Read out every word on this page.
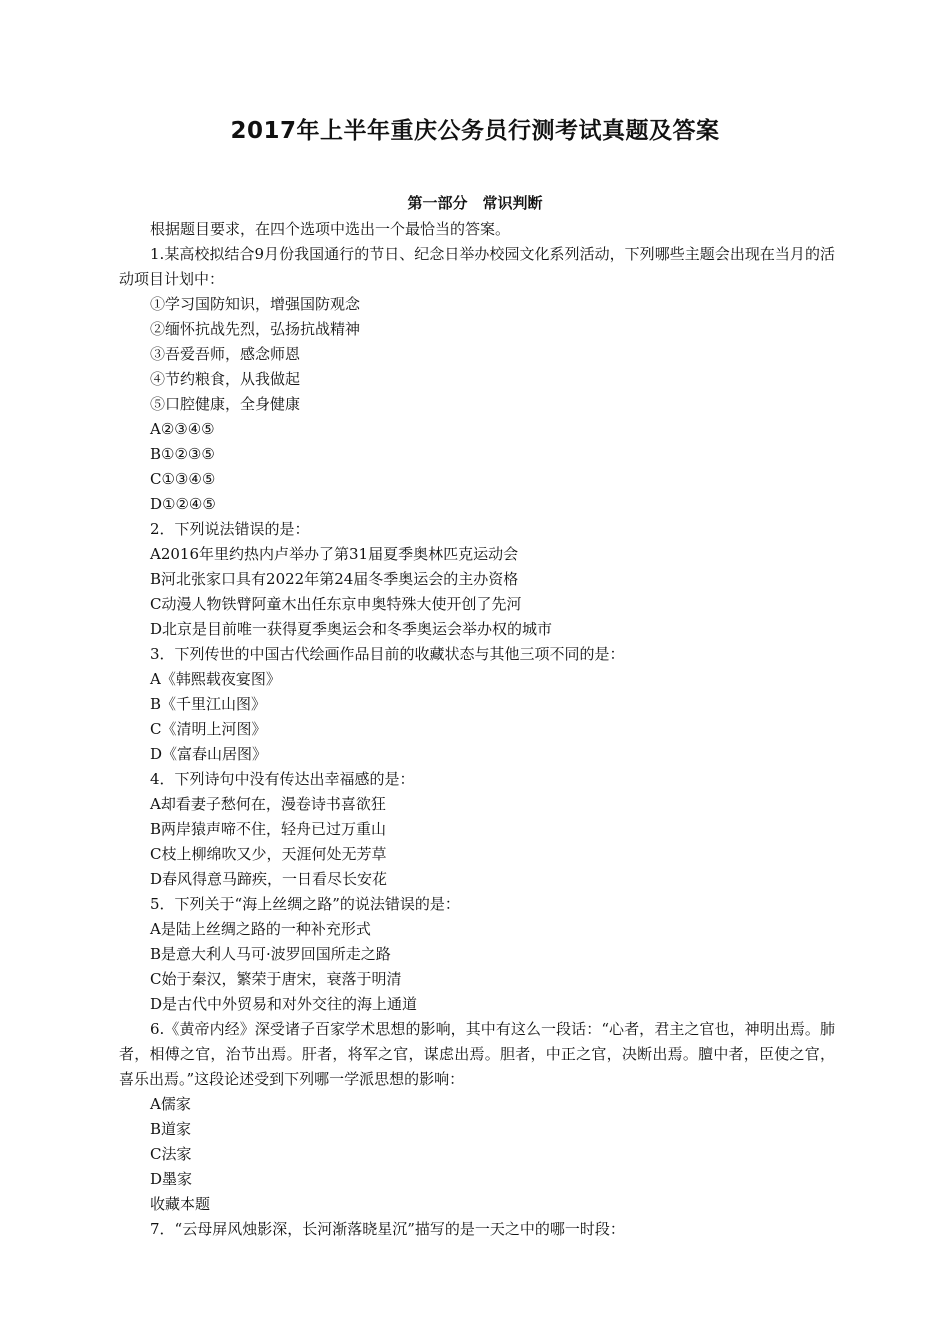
2017年上半年重庆公务员行测考试真题及答案
第一部分　常识判断
根据题目要求，在四个选项中选出一个最恰当的答案。
1.某高校拟结合9月份我国通行的节日、纪念日举办校园文化系列活动，下列哪些主题会出现在当月的活动项目计划中：
①学习国防知识，增强国防观念
②缅怀抗战先烈，弘扬抗战精神
③吾爱吾师，感念师恩
④节约粮食，从我做起
⑤口腔健康，全身健康
A②③④⑤
B①②③⑤
C①③④⑤
D①②④⑤
2．下列说法错误的是：
A2016年里约热内卢举办了第31届夏季奥林匹克运动会
B河北张家口具有2022年第24届冬季奥运会的主办资格
C动漫人物铁臂阿童木出任东京申奥特殊大使开创了先河
D北京是目前唯一获得夏季奥运会和冬季奥运会举办权的城市
3．下列传世的中国古代绘画作品目前的收藏状态与其他三项不同的是：
A《韩熙载夜宴图》
B《千里江山图》
C《清明上河图》
D《富春山居图》
4．下列诗句中没有传达出幸福感的是：
A却看妻子愁何在，漫卷诗书喜欲狂
B两岸猿声啼不住，轻舟已过万重山
C枝上柳绵吹又少，天涯何处无芳草
D春风得意马蹄疾，一日看尽长安花
5．下列关于“海上丝绸之路”的说法错误的是：
A是陆上丝绸之路的一种补充形式
B是意大利人马可·波罗回国所走之路
C始于秦汉，繁荣于唐宋，衰落于明清
D是古代中外贸易和对外交往的海上通道
6.《黄帝内经》深受诸子百家学术思想的影响，其中有这么一段话：“心者，君主之官也，神明出焉。肺者，相傅之官，治节出焉。肝者，将军之官，谋虑出焉。胆者，中正之官，决断出焉。膻中者，臣使之官，喜乐出焉。”这段论述受到下列哪一学派思想的影响：
A儒家
B道家
C法家
D墨家
收藏本题
7．“云母屏风烛影深，长河渐落晓星沉”描写的是一天之中的哪一时段：
